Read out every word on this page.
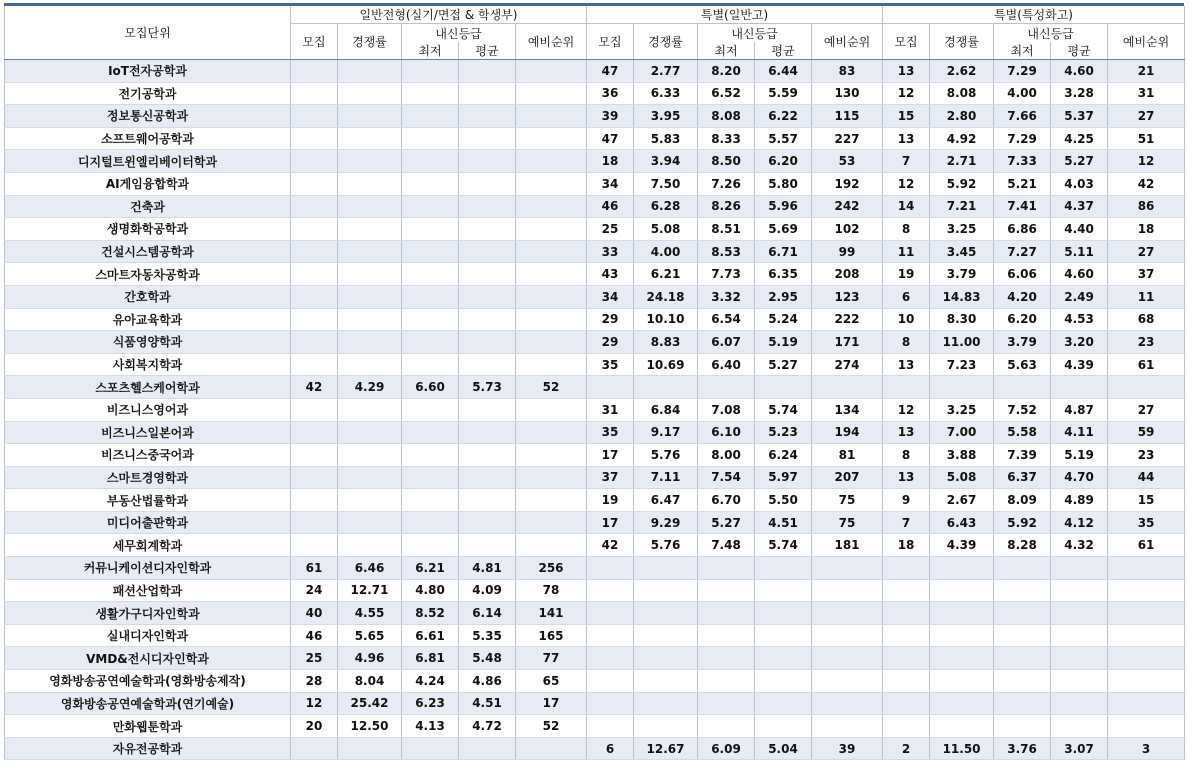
모집단위	일반전형(실기/면접 & 학생부)					특별(일반고)					특별(특성화고)				
	모집	경쟁률	내신등급		예비순위	모집	경쟁률	내신등급		예비순위	모집	경쟁률	내신등급		예비순위
			최저	평균				최저	평균				최저	평균	
IoT전자공학과						47	2.77	8.20	6.44	83	13	2.62	7.29	4.60	21
전기공학과						36	6.33	6.52	5.59	130	12	8.08	4.00	3.28	31
정보통신공학과						39	3.95	8.08	6.22	115	15	2.80	7.66	5.37	27
소프트웨어공학과						47	5.83	8.33	5.57	227	13	4.92	7.29	4.25	51
디지털트윈엘리베이터학과						18	3.94	8.50	6.20	53	7	2.71	7.33	5.27	12
AI게임융합학과						34	7.50	7.26	5.80	192	12	5.92	5.21	4.03	42
건축과						46	6.28	8.26	5.96	242	14	7.21	7.41	4.37	86
생명화학공학과						25	5.08	8.51	5.69	102	8	3.25	6.86	4.40	18
건설시스템공학과						33	4.00	8.53	6.71	99	11	3.45	7.27	5.11	27
스마트자동차공학과						43	6.21	7.73	6.35	208	19	3.79	6.06	4.60	37
간호학과						34	24.18	3.32	2.95	123	6	14.83	4.20	2.49	11
유아교육학과						29	10.10	6.54	5.24	222	10	8.30	6.20	4.53	68
식품영양학과						29	8.83	6.07	5.19	171	8	11.00	3.79	3.20	23
사회복지학과						35	10.69	6.40	5.27	274	13	7.23	5.63	4.39	61
스포츠헬스케어학과	42	4.29	6.60	5.73	52										
비즈니스영어과						31	6.84	7.08	5.74	134	12	3.25	7.52	4.87	27
비즈니스일본어과						35	9.17	6.10	5.23	194	13	7.00	5.58	4.11	59
비즈니스중국어과						17	5.76	8.00	6.24	81	8	3.88	7.39	5.19	23
스마트경영학과						37	7.11	7.54	5.97	207	13	5.08	6.37	4.70	44
부동산법률학과						19	6.47	6.70	5.50	75	9	2.67	8.09	4.89	15
미디어출판학과						17	9.29	5.27	4.51	75	7	6.43	5.92	4.12	35
세무회계학과						42	5.76	7.48	5.74	181	18	4.39	8.28	4.32	61
커뮤니케이션디자인학과	61	6.46	6.21	4.81	256										
패션산업학과	24	12.71	4.80	4.09	78										
생활가구디자인학과	40	4.55	8.52	6.14	141										
실내디자인학과	46	5.65	6.61	5.35	165										
VMD&전시디자인학과	25	4.96	6.81	5.48	77										
영화방송공연예술학과(영화방송제작)	28	8.04	4.24	4.86	65										
영화방송공연예술학과(연기예술)	12	25.42	6.23	4.51	17										
만화웹툰학과	20	12.50	4.13	4.72	52										
자유전공학과						6	12.67	6.09	5.04	39	2	11.50	3.76	3.07	3
